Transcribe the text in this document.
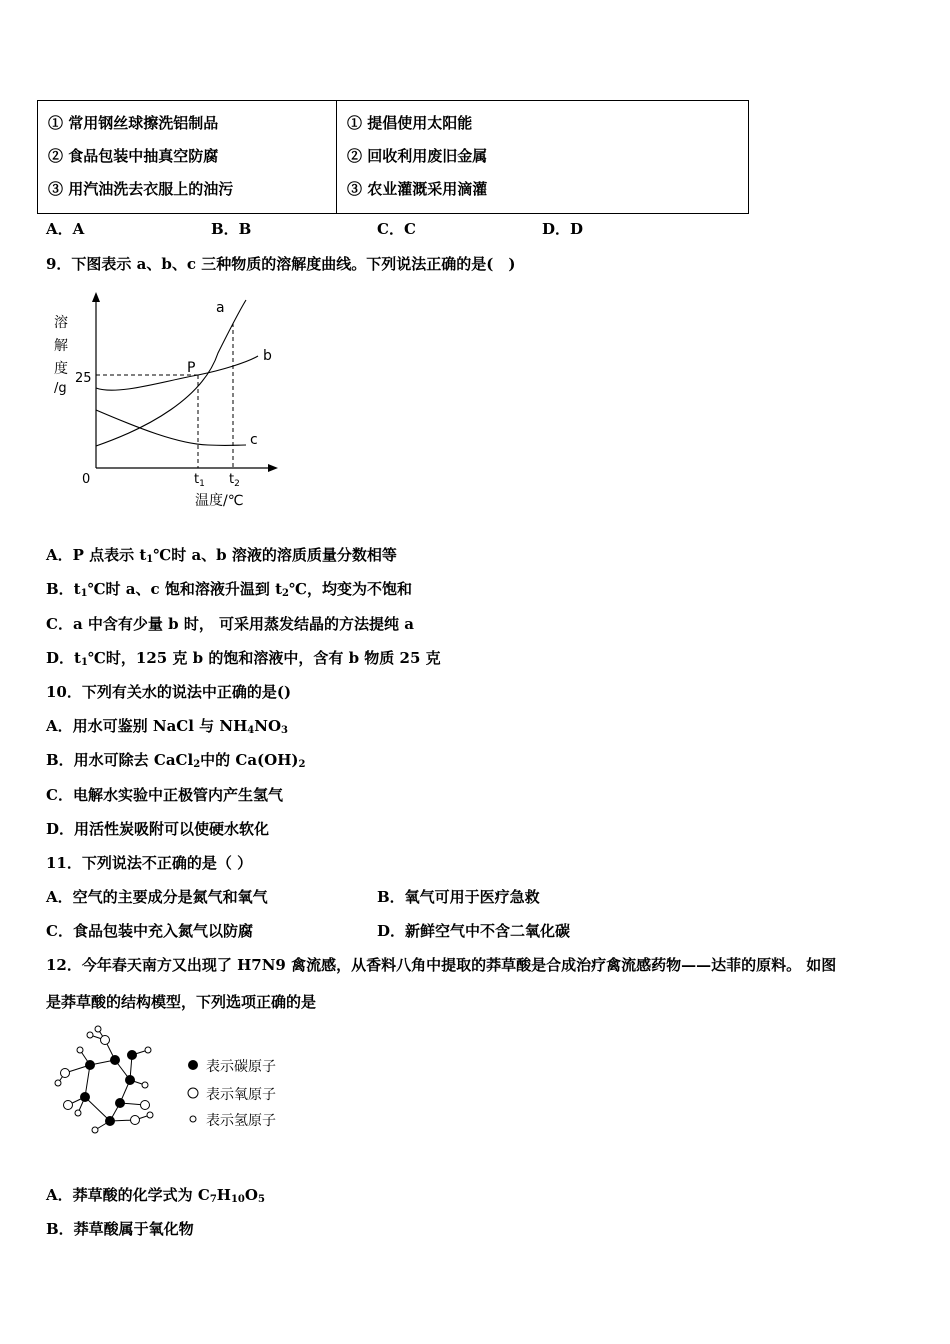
① 常用钢丝球擦洗铝制品
② 食品包装中抽真空防腐
③ 用汽油洗去衣服上的油污

① 提倡使用太阳能
② 回收利用废旧金属
③ 农业灌溉采用滴灌
A．A	B．B	C．C	D．D
9．下图表示 a、b、c 三种物质的溶解度曲线。下列说法正确的是(　)
溶
解
度
/g
25
0
a
b
c
P
$t_1$ $t_2$
温度/℃
A．P 点表示 $t_1℃$时 a、b 溶液的溶质质量分数相等
B．$t_1℃$时 a、c 饱和溶液升温到 $t_2℃$，均变为不饱和
C．a 中含有少量 b 时， 可采用蒸发结晶的方法提纯 a
D．$t_1℃$时，125 克 b 的饱和溶液中，含有 b 物质 25 克
10．下列有关水的说法中正确的是()
A．用水可鉴别 NaCl 与 $NH_4NO_3$
B．用水可除去 CaCl$_2$中的 $Ca(OH)_2$
C．电解水实验中正极管内产生氢气
D．用活性炭吸附可以使硬水软化
11．下列说法不正确的是（ ）
A．空气的主要成分是氮气和氧气	B．氧气可用于医疗急救
C．食品包装中充入氮气以防腐	D．新鲜空气中不含二氧化碳
12．今年春天南方又出现了 H7N9 禽流感，从香料八角中提取的莽草酸是合成治疗禽流感药物——达菲的原料。 如图
是莽草酸的结构模型，下列选项正确的是
表示碳原子
表示氧原子
表示氢原子
A．莽草酸的化学式为 $C_7H_{10}O_5$
B．莽草酸属于氧化物
